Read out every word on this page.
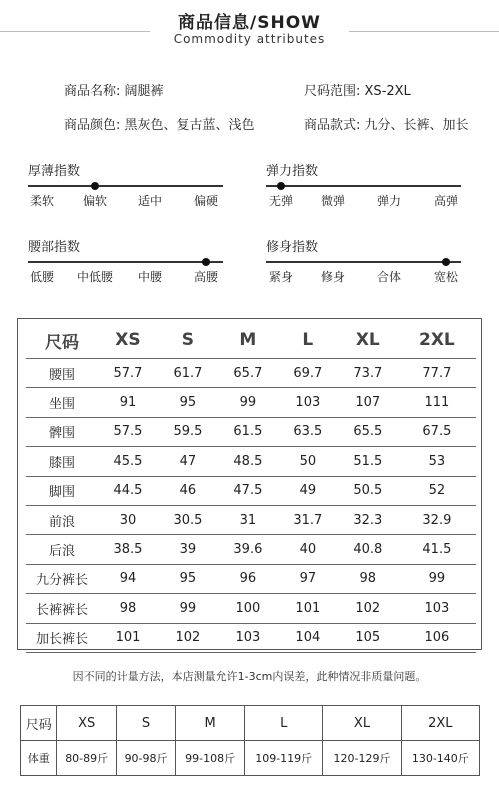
商品信息/SHOW
Commodity attributes
商品名称: 阔腿裤	尺码范围: XS-2XL
商品颜色: 黑灰色、复古蓝、浅色	商品款式: 九分、长裤、加长
厚薄指数
柔软 偏软	适中	偏硬
弹力指数
无弹 微弹	弹力	高弹
腰部指数
低腰 中低腰 中腰	高腰
修身指数
紧身 修身	合体	宽松
尺码	XS	S	M	L	XL	2XL
腰围	57.7	61.7	65.7	69.7	73.7	77.7
坐围	91	95	99	103	107	111
髀围	57.5	59.5	61.5	63.5	65.5	67.5
膝围	45.5	47	48.5	50	51.5	53
脚围	44.5	46	47.5	49	50.5	52
前浪	30	30.5	31	31.7	32.3	32.9
后浪	38.5	39	39.6	40	40.8	41.5
九分裤长	94	95	96	97	98	99
长裤裤长	98	99	100	101	102	103
加长裤长	101	102	103	104	105	106
因不同的计量方法，本店测量允许1-3cm内误差，此种情况非质量问题。
尺码	XS	S	M	L	XL	2XL
体重	80-89斤	90-98斤	99-108斤	109-119斤	120-129斤	130-140斤
